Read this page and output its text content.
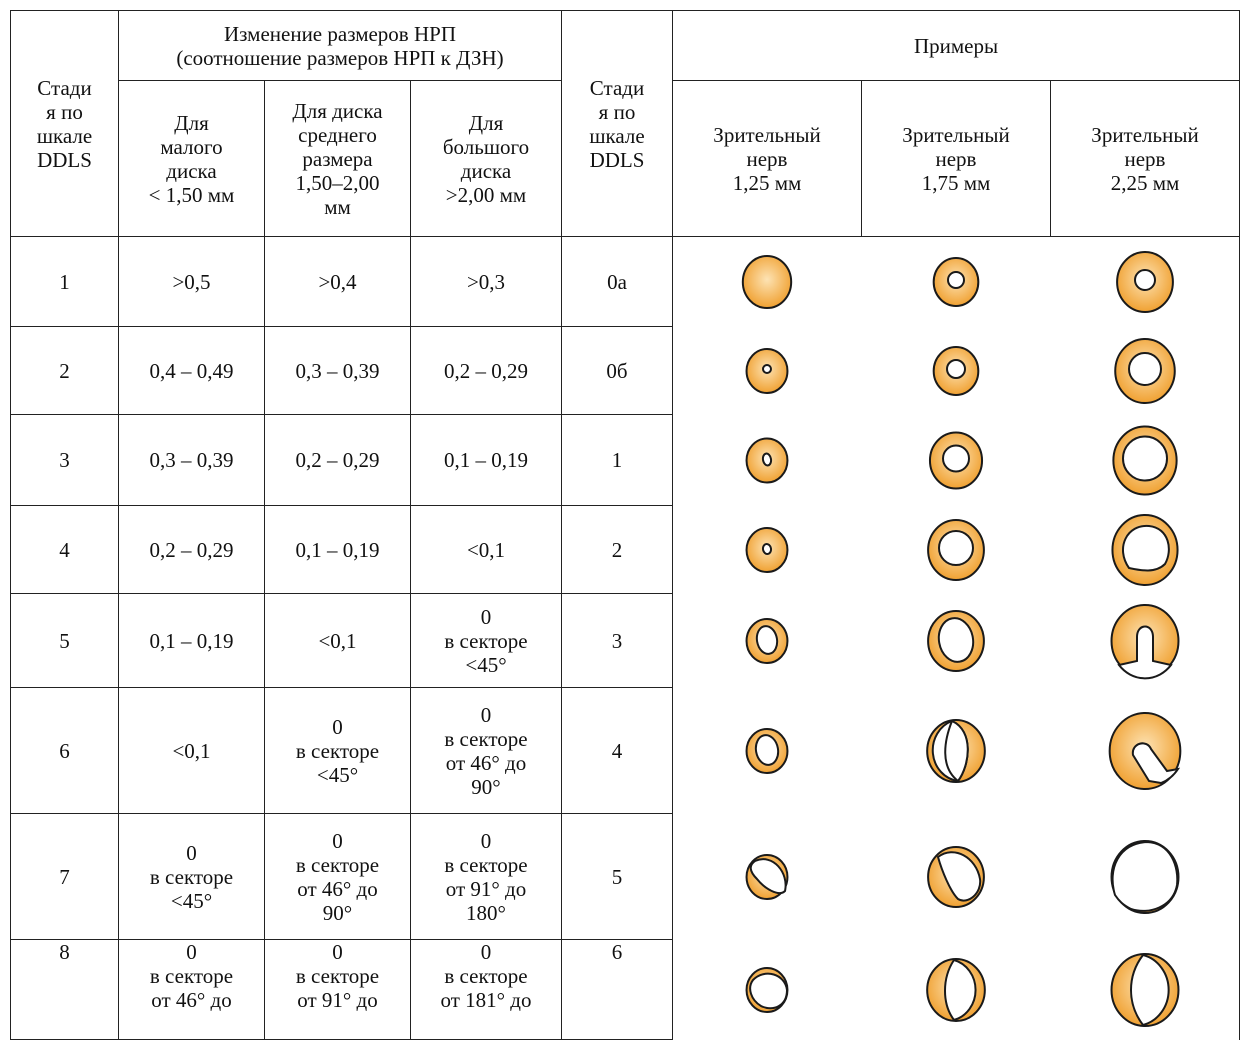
Стади
я по
шкале
DDLS	Изменение размеров НРП
(соотношение размеров НРП к ДЗН)			Стади
я по
шкале
DDLS	Примеры		
	Для
малого
диска
< 1,50 мм	Для диска
среднего
размера
1,50–2,00
мм	Для
большого
диска
>2,00 мм		Зрительный
нерв
1,25 мм	Зрительный
нерв
1,75 мм	Зрительный
нерв
2,25 мм
1	>0,5	>0,4	>0,3	0a	

2	0,4 – 0,49	0,3 – 0,39	0,2 – 0,29	0б	

3	0,3 – 0,39	0,2 – 0,29	0,1 – 0,19	1	

4	0,2 – 0,29	0,1 – 0,19	<0,1	2	

5	0,1 – 0,19	<0,1	0
в секторе
<45°	3	

6	<0,1	0
в секторе
<45°	0
в секторе
от 46° до
90°	4	

7	0
в секторе
<45°	0
в секторе
от 46° до
90°	0
в секторе
от 91° до
180°	5	

8	0
в секторе
от 46° до	0
в секторе
от 91° до	0
в секторе
от 181° до	6	
